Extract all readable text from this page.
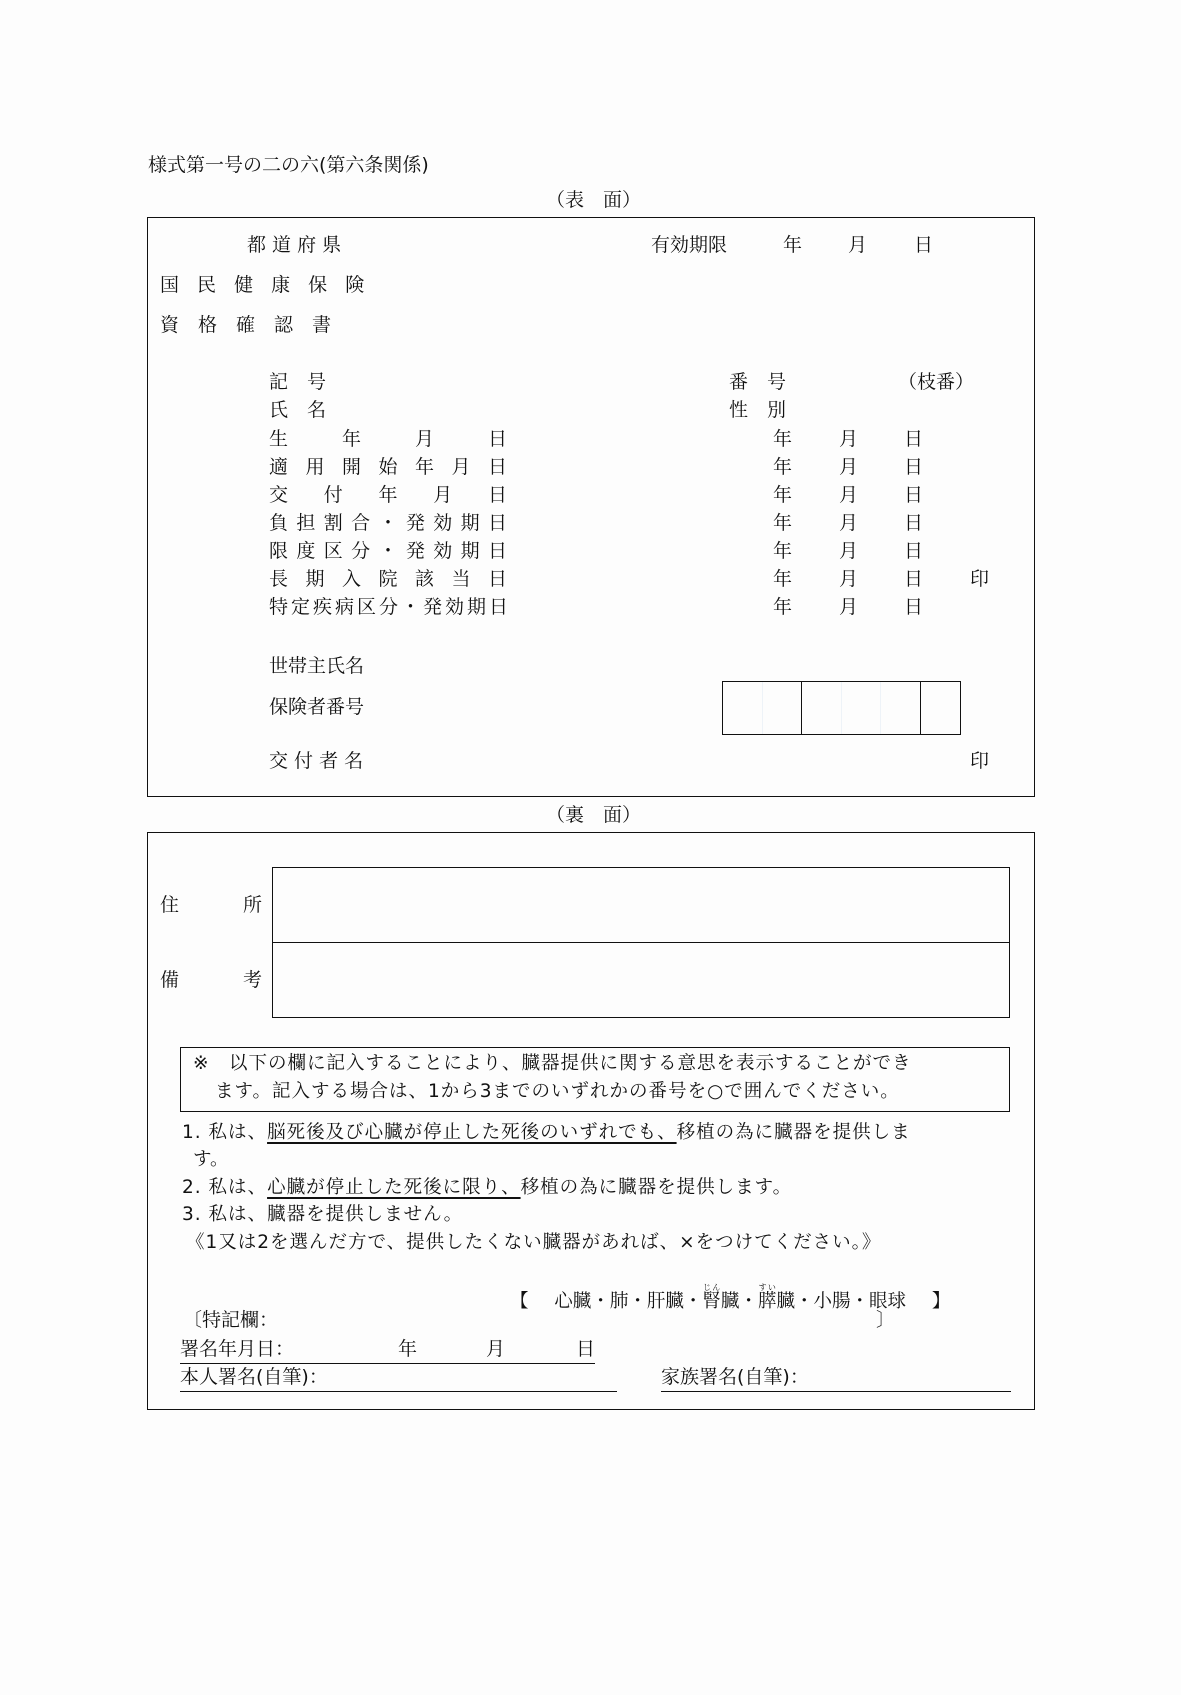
様式第一号の二の六(第六条関係)
（表　面）
都 道 府 県
国 民 健 康 保 険
資　格　確　認　書
有効期限	年 月 日
記　号	番　号	（枝番）
氏　名	性　別
生　　年　　月　　日	年 月 日
適 用 開 始 年 月 日	年 月 日
交　付　年　月　日	年 月 日
負担割合・発効期日	年 月 日
限度区分・発効期日	年 月 日
長 期 入 院 該 当 日	年 月 日 印
特定疾病区分・発効期日	年 月 日
世帯主氏名
保険者番号
交 付 者 名	印
（裏　面）
住　　　所
備　　　考
※　以下の欄に記入することにより、臓器提供に関する意思を表示することができ
ます。記入する場合は、1から3までのいずれかの番号を○で囲んでください。
1. 私は、脳死後及び心臓が停止した死後のいずれでも、移植の為に臓器を提供しま
す。
2. 私は、心臓が停止した死後に限り、移植の為に臓器を提供します。
3. 私は、臓器を提供しません。
《1又は2を選んだ方で、提供したくない臓器があれば、×をつけてください。》
【 心臓・肺・肝臓・腎じん臓・膵すい臓・小腸・眼球 】
〔特記欄：	〕
署名年月日：	年	月	日
本人署名(自筆)：	家族署名(自筆)：
